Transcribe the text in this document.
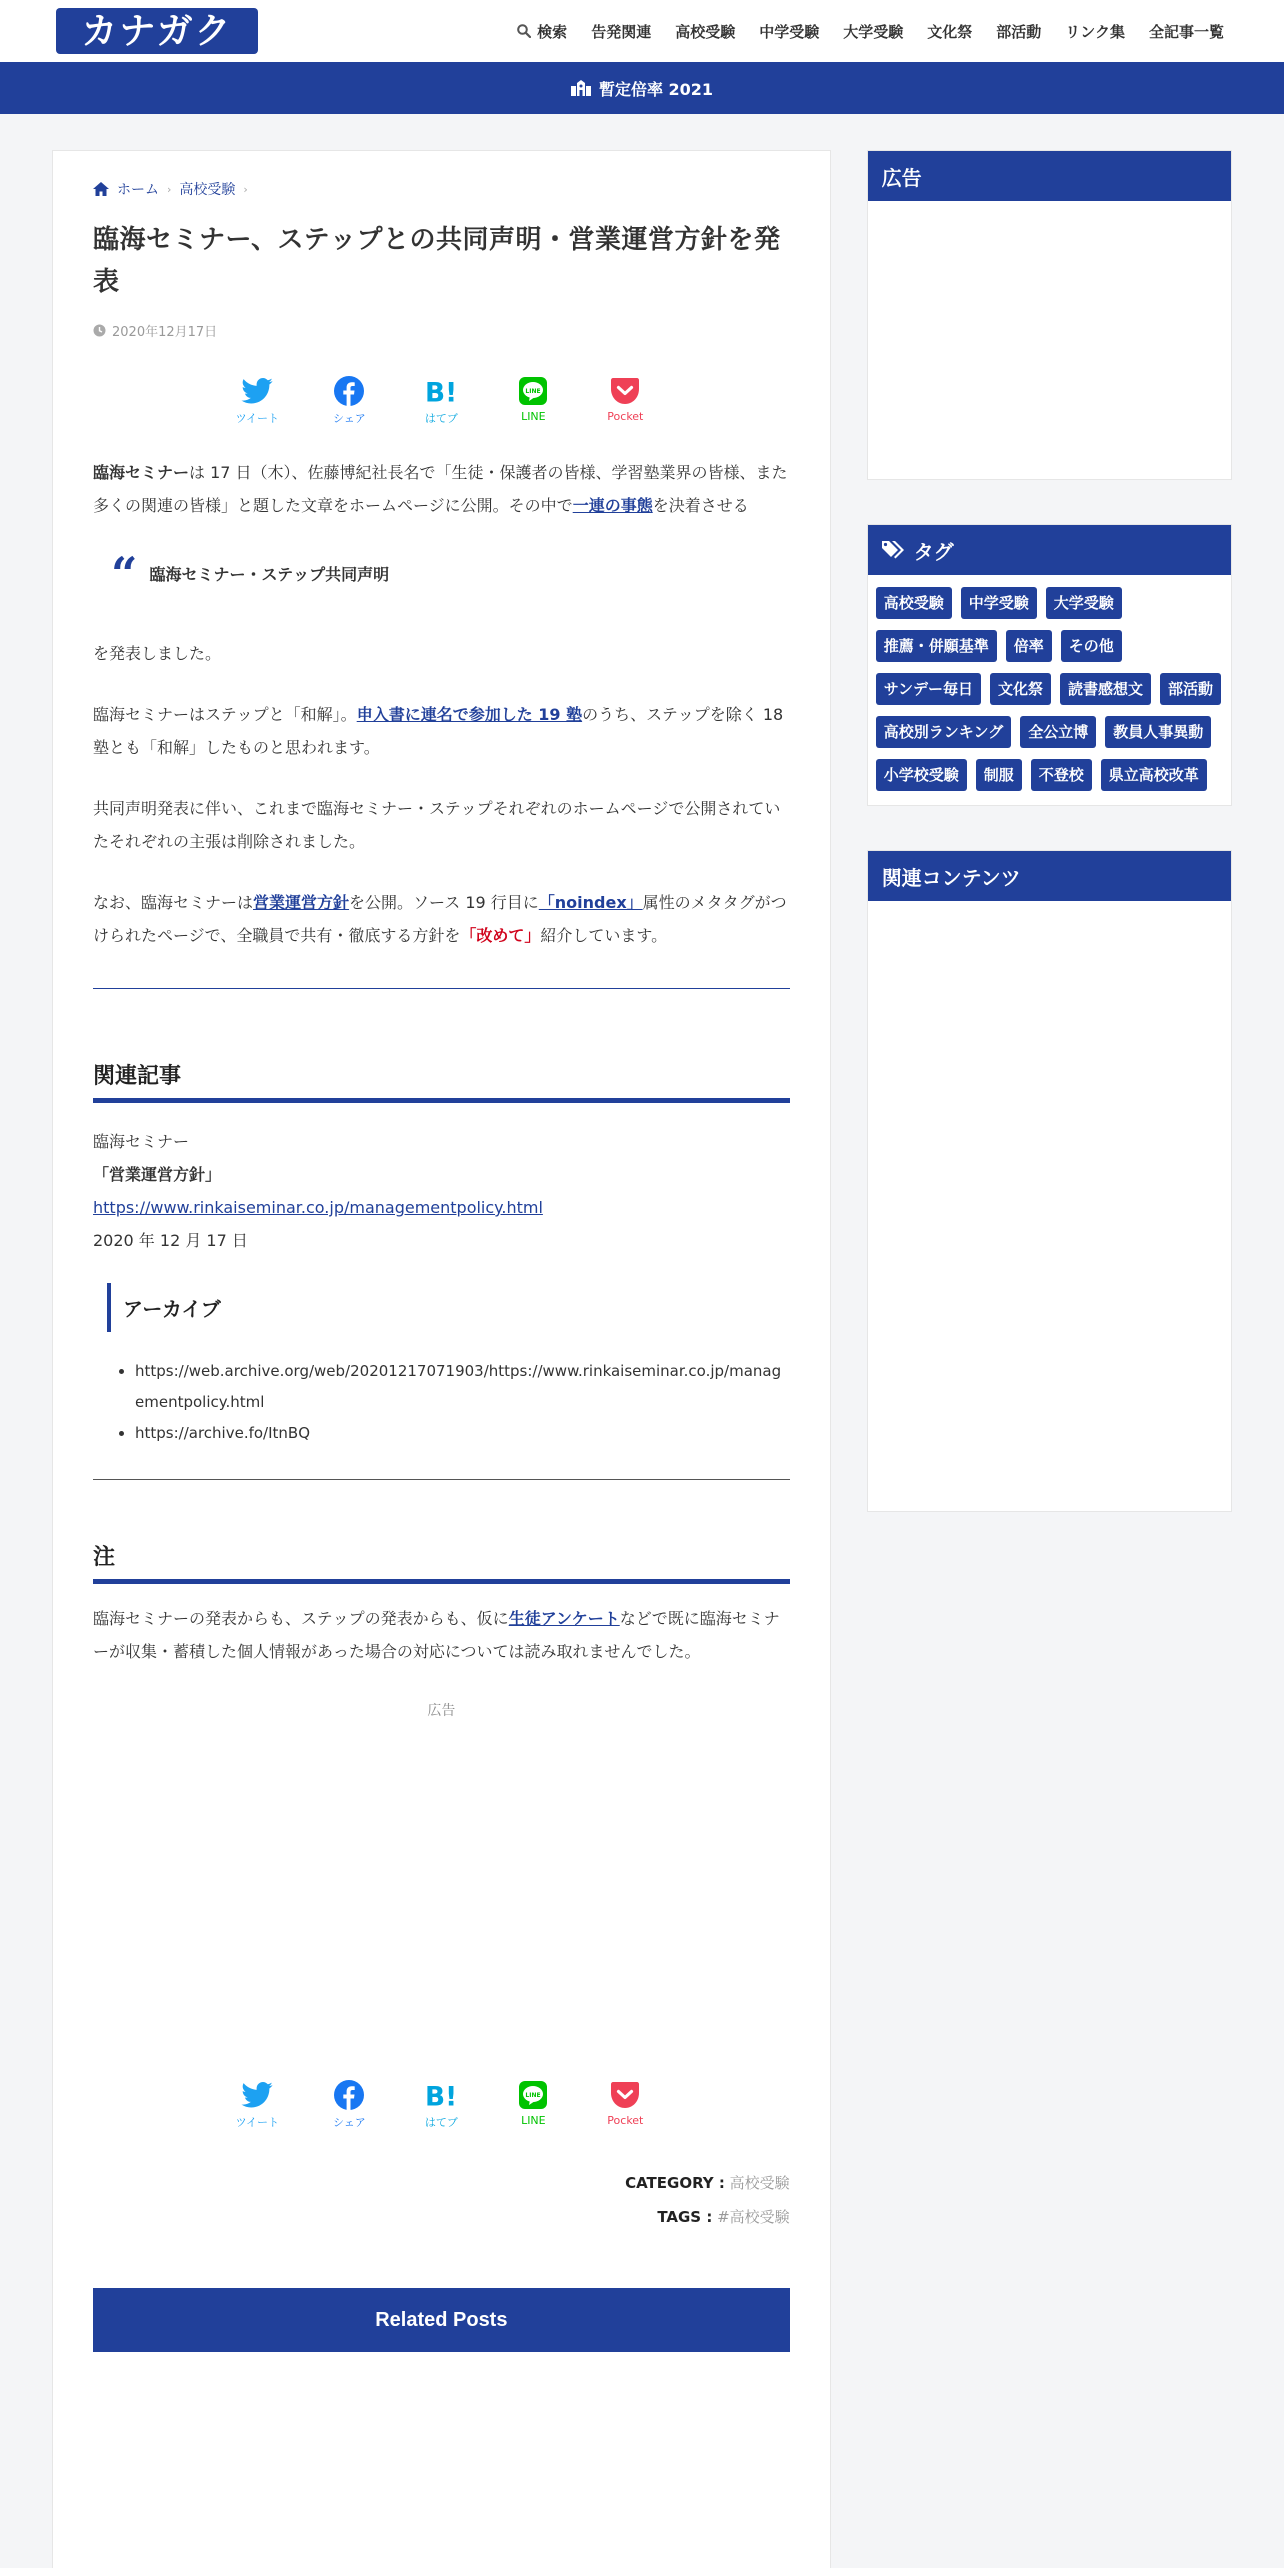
カナガク	検索 告発関連 高校受験 中学受験 大学受験 文化祭 部活動 リンク集 全記事一覧
暫定倍率 2021
ホーム › 高校受験 ›
臨海セミナー、ステップとの共同声明・営業運営方針を発表
2020年12月17日
ツイート	シェア
B!
はてブ
LINE
LINE	Pocket

臨海セミナーは 17 日（木）、佐藤博紀社長名で「生徒・保護者の皆様、学習塾業界の皆様、また多くの関連の皆様」と題した文章をホームページに公開。その中で一連の事態を決着させる

“ 臨海セミナー・ステップ共同声明

を発表しました。

臨海セミナーはステップと「和解」。申入書に連名で参加した 19 塾のうち、ステップを除く 18 塾とも「和解」したものと思われます。

共同声明発表に伴い、これまで臨海セミナー・ステップそれぞれのホームページで公開されていたそれぞれの主張は削除されました。

なお、臨海セミナーは営業運営方針を公開。ソース 19 行目に「noindex」属性のメタタグがつけられたページで、全職員で共有・徹底する方針を「改めて」紹介しています。

関連記事

臨海セミナー

「営業運営方針」

https://www.rinkaiseminar.co.jp/managementpolicy.html

2020 年 12 月 17 日

アーカイブ
• https://web.archive.org/web/20201217071903/https://www.rinkaiseminar.co.jp/managementpolicy.html
• https://archive.fo/ItnBQ
注

臨海セミナーの発表からも、ステップの発表からも、仮に生徒アンケートなどで既に臨海セミナーが収集・蓄積した個人情報があった場合の対応については読み取れませんでした。

広告
ツイート	シェア
B!
はてブ
LINE
LINE	Pocket
CATEGORY : 高校受験
TAGS : #高校受験
Related Posts
広告
タグ
高校受験	中学受験	大学受験
推薦・併願基準	倍率	その他
サンデー毎日	文化祭	読書感想文	部活動
高校別ランキング	全公立博	教員人事異動
小学校受験	制服	不登校	県立高校改革
関連コンテンツ
